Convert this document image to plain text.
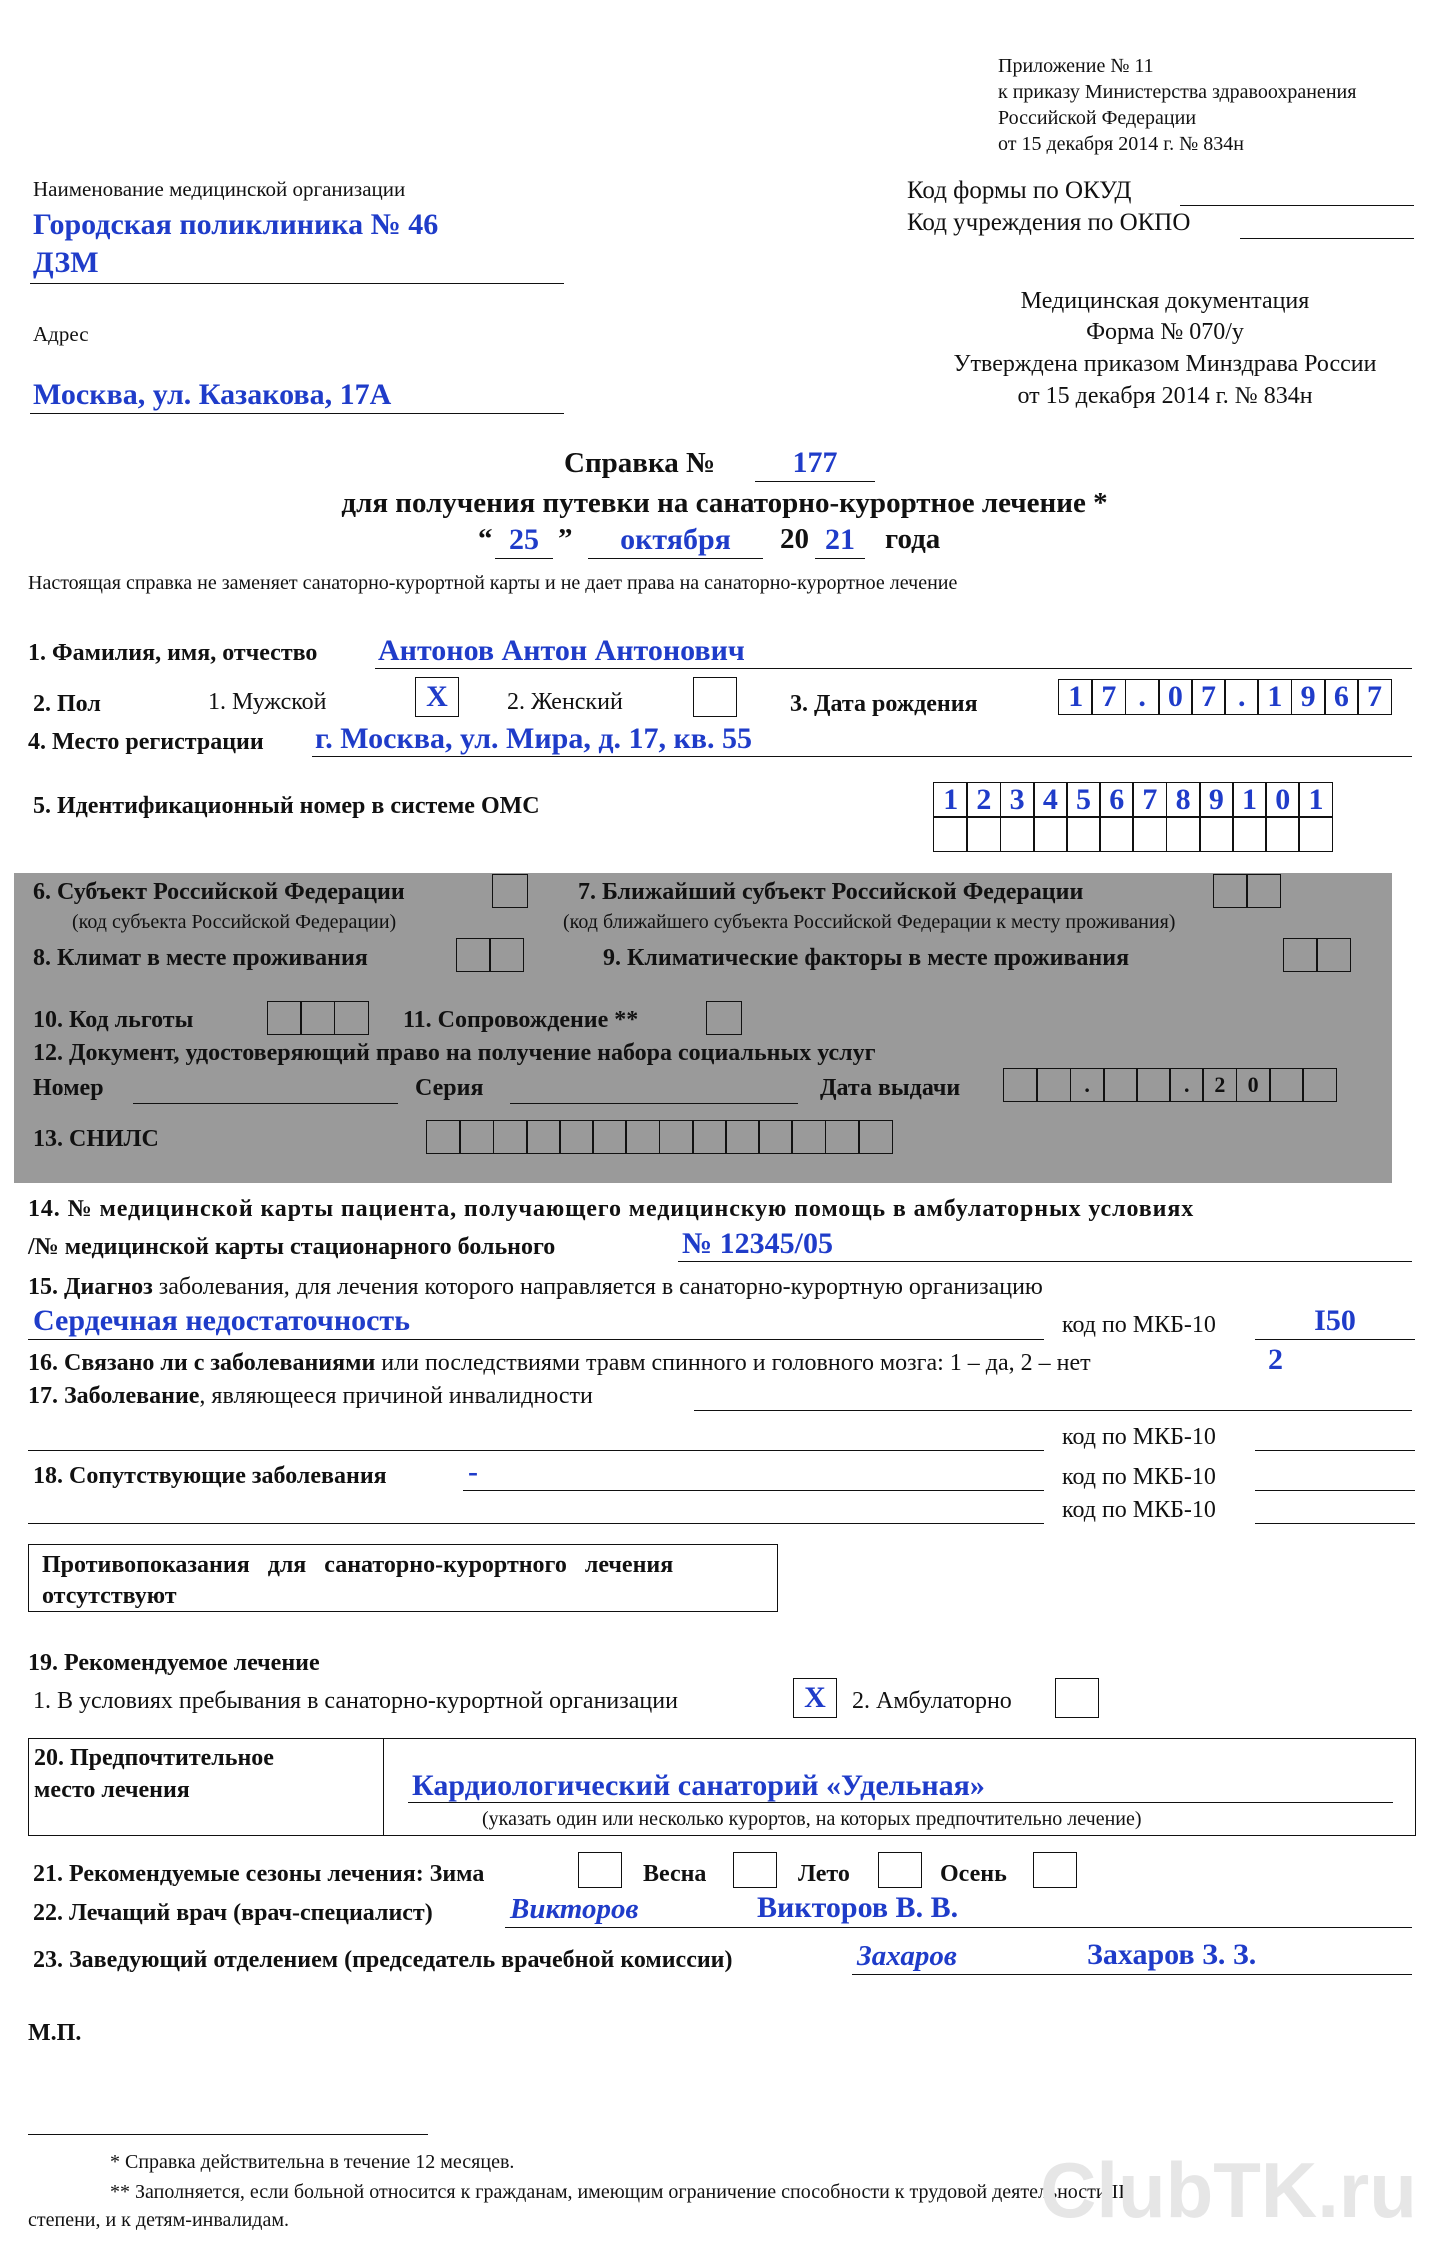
Приложение № 11
к приказу Министерства здравоохранения
Российской Федерации
от 15 декабря 2014 г. № 834н
Наименование медицинской организации
Городская поликлиника № 46
ДЗМ
Код формы по ОКУД
Код учреждения по ОКПО
Медицинская документация
Форма № 070/у
Утверждена приказом Минздрава России
от 15 декабря 2014 г. № 834н
Адрес
Москва, ул. Казакова, 17А
Справка №	177
для получения путевки на санаторно-курортное лечение *
“ 25 ”	октября	20 21	года
Настоящая справка не заменяет санаторно-курортной карты и не дает права на санаторно-курортное лечение
1. Фамилия, имя, отчество Антонов Антон Антонович
2. Пол	1. Мужской	X	2. Женский	3. Дата рождения	1 7 . 0 7 . 1 9 6 7
4. Место регистрации г. Москва, ул. Мира, д. 17, кв. 55
5. Идентификационный номер в системе ОМС	1 2 3 4 5 6 7 8 9 1 0 1
6. Субъект Российской Федерации
(код субъекта Российской Федерации)
7. Ближайший субъект Российской Федерации
(код ближайшего субъекта Российской Федерации к месту проживания)
8. Климат в месте проживания	9. Климатические факторы в месте проживания
10. Код льготы	11. Сопровождение **
12. Документ, удостоверяющий право на получение набора социальных услуг
Номер	Серия	Дата выдачи	.	.	2	0
13. СНИЛС
14. № медицинской карты пациента, получающего медицинскую помощь в амбулаторных условиях
/№ медицинской карты стационарного больного	№ 12345/05
15. Диагноз заболевания, для лечения которого направляется в санаторно-курортную организацию
Сердечная недостаточность	код по МКБ-10	I50
16. Связано ли с заболеваниями или последствиями травм спинного и головного мозга: 1 – да, 2 – нет	2
17. Заболевание, являющееся причиной инвалидности
код по МКБ-10
18. Сопутствующие заболевания	-	код по МКБ-10
код по МКБ-10
Противопоказания   для   санаторно-курортного   лечения
отсутствуют
19. Рекомендуемое лечение
1. В условиях пребывания в санаторно-курортной организации	X	2. Амбулаторно
20. Предпочтительное
место лечения	Кардиологический санаторий «Удельная»
(указать один или несколько курортов, на которых предпочтительно лечение)
21. Рекомендуемые сезоны лечения: Зима	Весна	Лето	Осень
22. Лечащий врач (врач-специалист)	Викторов	Викторов В. В.
23. Заведующий отделением (председатель врачебной комиссии)	Захаров	Захаров З. З.
М.П.
* Справка действительна в течение 12 месяцев.
** Заполняется, если больной относится к гражданам, имеющим ограничение способности к трудовой деятельности III
степени, и к детям-инвалидам.	ClubTK.ru
